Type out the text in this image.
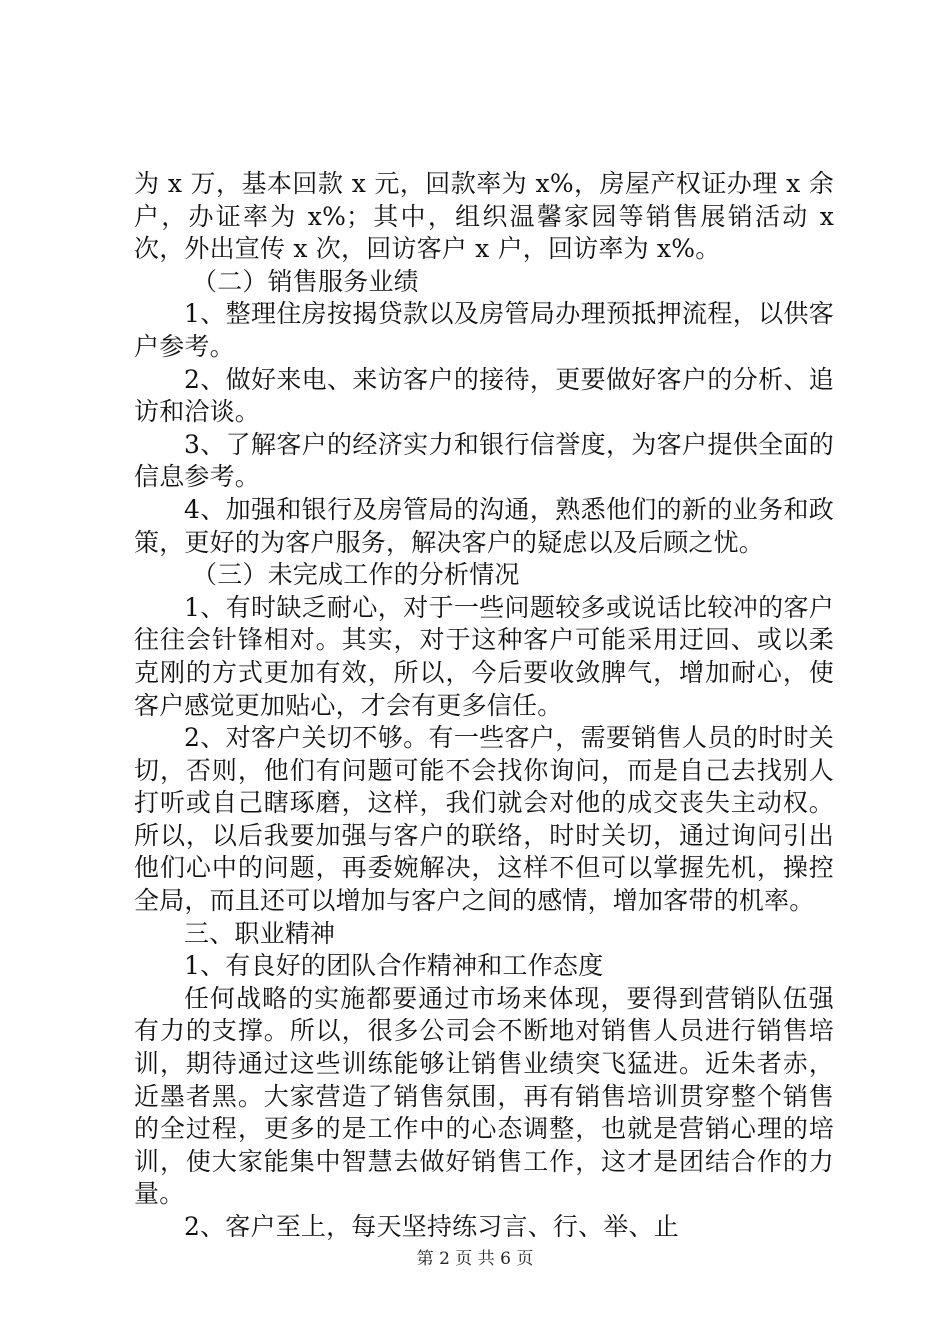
为 x 万，基本回款 x 元，回款率为 x%，房屋产权证办理 x 余户，办证率为 x%；其中，组织温馨家园等销售展销活动 x 次，外出宣传 x 次，回访客户 x 户，回访率为 x%。

（二）销售服务业绩

1、整理住房按揭贷款以及房管局办理预抵押流程，以供客户参考。

2、做好来电、来访客户的接待，更要做好客户的分析、追访和洽谈。

3、了解客户的经济实力和银行信誉度，为客户提供全面的信息参考。

4、加强和银行及房管局的沟通，熟悉他们的新的业务和政策，更好的为客户服务，解决客户的疑虑以及后顾之忧。

（三）未完成工作的分析情况

1、有时缺乏耐心，对于一些问题较多或说话比较冲的客户往往会针锋相对。其实，对于这种客户可能采用迂回、或以柔克刚的方式更加有效，所以，今后要收敛脾气，增加耐心，使客户感觉更加贴心，才会有更多信任。

2、对客户关切不够。有一些客户，需要销售人员的时时关切，否则，他们有问题可能不会找你询问，而是自己去找别人打听或自己瞎琢磨，这样，我们就会对他的成交丧失主动权。所以，以后我要加强与客户的联络，时时关切，通过询问引出他们心中的问题，再委婉解决，这样不但可以掌握先机，操控全局，而且还可以增加与客户之间的感情，增加客带的机率。

三、职业精神

1、有良好的团队合作精神和工作态度

任何战略的实施都要通过市场来体现，要得到营销队伍强有力的支撑。所以，很多公司会不断地对销售人员进行销售培训，期待通过这些训练能够让销售业绩突飞猛进。近朱者赤，近墨者黑。大家营造了销售氛围，再有销售培训贯穿整个销售的全过程，更多的是工作中的心态调整，也就是营销心理的培训，使大家能集中智慧去做好销售工作，这才是团结合作的力量。

2、客户至上，每天坚持练习言、行、举、止

第 2 页 共 6 页
